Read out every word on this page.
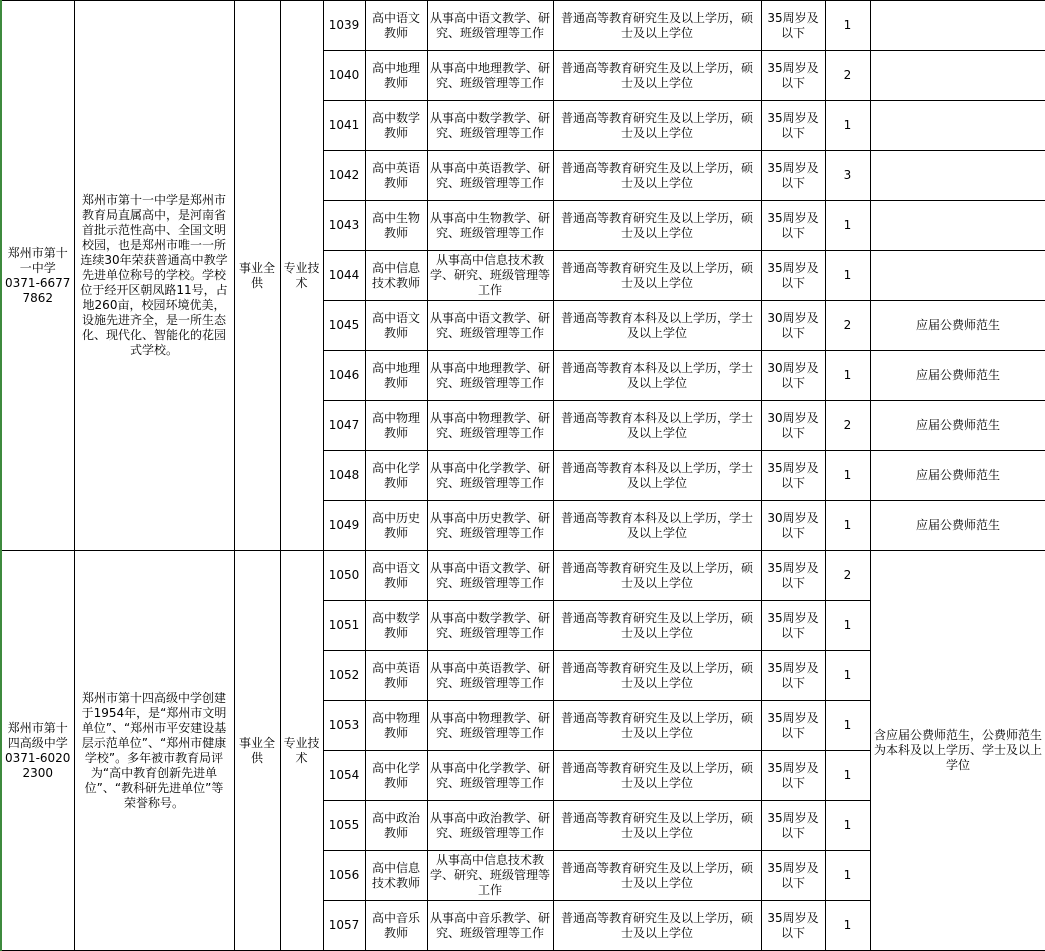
郑州市第十一中学
0371-66777862	郑州市第十一中学是郑州市教育局直属高中，是河南省首批示范性高中、全国文明校园，也是郑州市唯一一所连续30年荣获普通高中教学先进单位称号的学校。学校位于经开区朝凤路11号，占地260亩，校园环境优美，设施先进齐全，是一所生态化、现代化、智能化的花园式学校。	事业全供	专业技术	1039	高中语文教师	从事高中语文教学、研究、班级管理等工作	普通高等教育研究生及以上学历，硕士及以上学位	35周岁及以下	1	
				1040	高中地理教师	从事高中地理教学、研究、班级管理等工作	普通高等教育研究生及以上学历，硕士及以上学位	35周岁及以下	2	
				1041	高中数学教师	从事高中数学教学、研究、班级管理等工作	普通高等教育研究生及以上学历，硕士及以上学位	35周岁及以下	1	
				1042	高中英语教师	从事高中英语教学、研究、班级管理等工作	普通高等教育研究生及以上学历，硕士及以上学位	35周岁及以下	3	
				1043	高中生物教师	从事高中生物教学、研究、班级管理等工作	普通高等教育研究生及以上学历，硕士及以上学位	35周岁及以下	1	
				1044	高中信息技术教师	从事高中信息技术教学、研究、班级管理等工作	普通高等教育研究生及以上学历，硕士及以上学位	35周岁及以下	1	
				1045	高中语文教师	从事高中语文教学、研究、班级管理等工作	普通高等教育本科及以上学历，学士及以上学位	30周岁及以下	2	应届公费师范生
				1046	高中地理教师	从事高中地理教学、研究、班级管理等工作	普通高等教育本科及以上学历，学士及以上学位	30周岁及以下	1	应届公费师范生
				1047	高中物理教师	从事高中物理教学、研究、班级管理等工作	普通高等教育本科及以上学历，学士及以上学位	30周岁及以下	2	应届公费师范生
				1048	高中化学教师	从事高中化学教学、研究、班级管理等工作	普通高等教育本科及以上学历，学士及以上学位	35周岁及以下	1	应届公费师范生
				1049	高中历史教师	从事高中历史教学、研究、班级管理等工作	普通高等教育本科及以上学历，学士及以上学位	30周岁及以下	1	应届公费师范生

郑州市第十四高级中学
0371-60202300	郑州市第十四高级中学创建于1954年，是“郑州市文明单位”、“郑州市平安建设基层示范单位”、“郑州市健康学校”。多年被市教育局评为“高中教育创新先进单位”、“教科研先进单位”等荣誉称号。	事业全供	专业技术	1050	高中语文教师	从事高中语文教学、研究、班级管理等工作	普通高等教育研究生及以上学历，硕士及以上学位	35周岁及以下	2	含应届公费师范生，公费师范生为本科及以上学历、学士及以上学位
				1051	高中数学教师	从事高中数学教学、研究、班级管理等工作	普通高等教育研究生及以上学历，硕士及以上学位	35周岁及以下	1	
				1052	高中英语教师	从事高中英语教学、研究、班级管理等工作	普通高等教育研究生及以上学历，硕士及以上学位	35周岁及以下	1	
				1053	高中物理教师	从事高中物理教学、研究、班级管理等工作	普通高等教育研究生及以上学历，硕士及以上学位	35周岁及以下	1	
				1054	高中化学教师	从事高中化学教学、研究、班级管理等工作	普通高等教育研究生及以上学历，硕士及以上学位	35周岁及以下	1	
				1055	高中政治教师	从事高中政治教学、研究、班级管理等工作	普通高等教育研究生及以上学历，硕士及以上学位	35周岁及以下	1	
				1056	高中信息技术教师	从事高中信息技术教学、研究、班级管理等工作	普通高等教育研究生及以上学历，硕士及以上学位	35周岁及以下	1	
				1057	高中音乐教师	从事高中音乐教学、研究、班级管理等工作	普通高等教育研究生及以上学历，硕士及以上学位	35周岁及以下	1	
